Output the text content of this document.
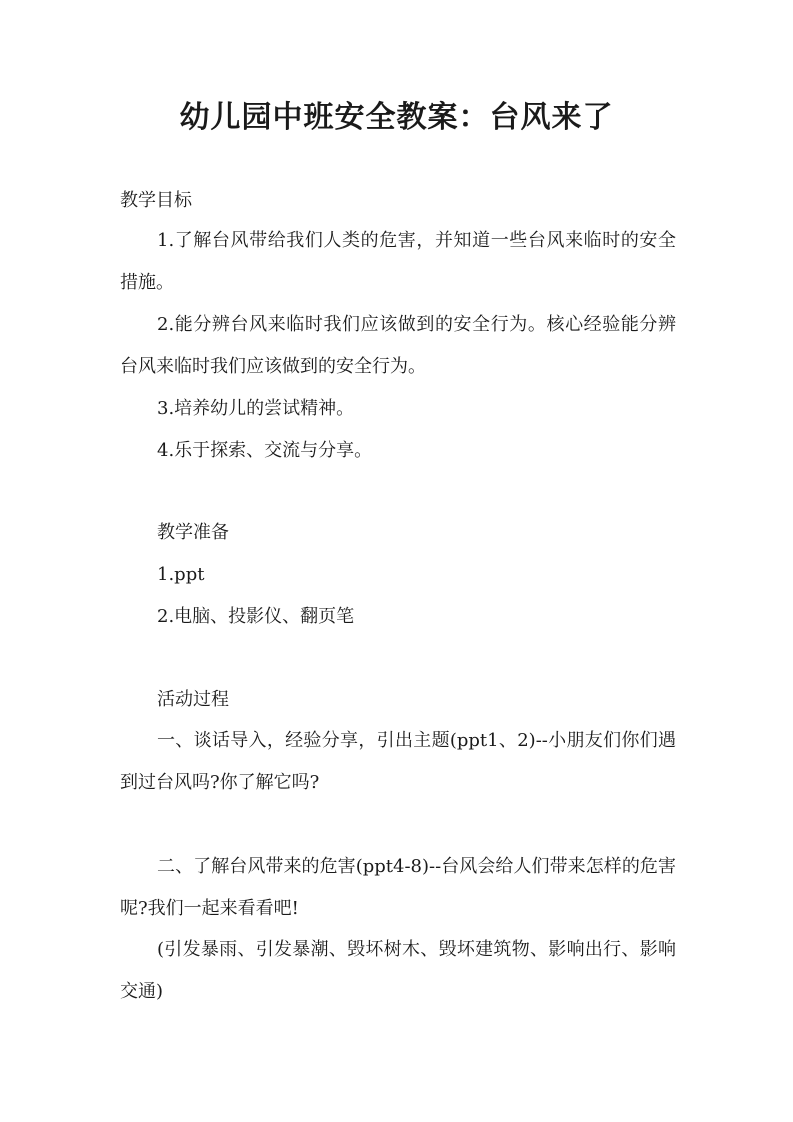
幼儿园中班安全教案：台风来了
教学目标
1.了解台风带给我们人类的危害，并知道一些台风来临时的安全措施。
2.能分辨台风来临时我们应该做到的安全行为。核心经验能分辨台风来临时我们应该做到的安全行为。
3.培养幼儿的尝试精神。
4.乐于探索、交流与分享。
教学准备
1.ppt
2.电脑、投影仪、翻页笔
活动过程
一、谈话导入，经验分享，引出主题(ppt1、2)--小朋友们你们遇到过台风吗?你了解它吗?
二、了解台风带来的危害(ppt4-8)--台风会给人们带来怎样的危害呢?我们一起来看看吧!
(引发暴雨、引发暴潮、毁坏树木、毁坏建筑物、影响出行、影响交通)
